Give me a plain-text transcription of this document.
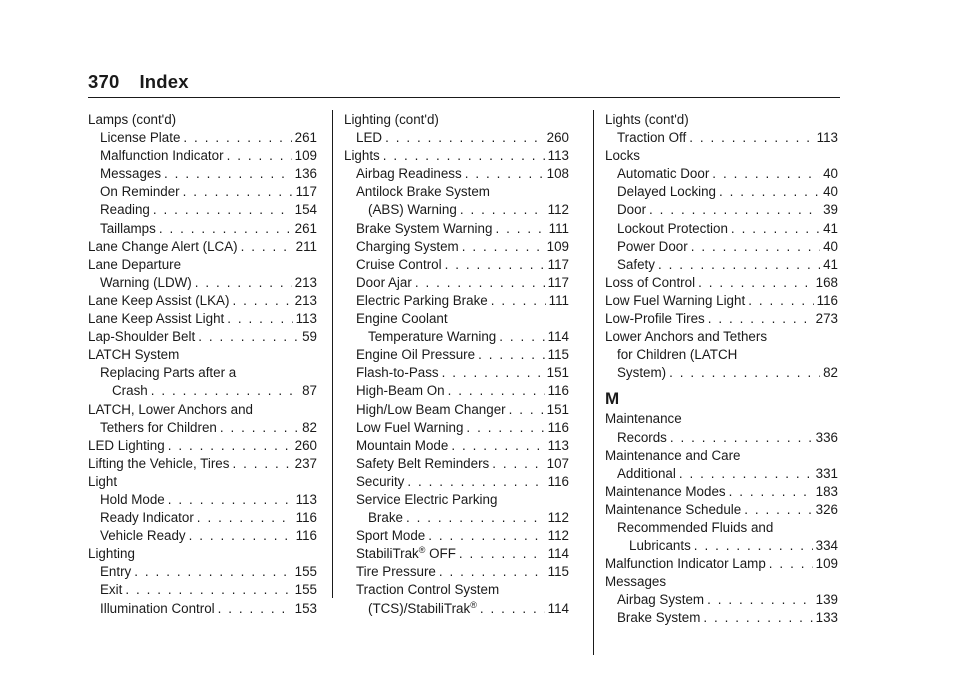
370 Index
Lamps (cont'd)
License Plate . . .	261
Malfunction Indicator . . .	109
Messages . . .	136
On Reminder . . .	117
Reading . . .	154
Taillamps . . .	261
Lane Change Alert (LCA) . . .	211
Lane Departure
Warning (LDW) . . .	213
Lane Keep Assist (LKA) . . .	213
Lane Keep Assist Light . . .	113
Lap-Shoulder Belt . . .	59
LATCH System
Replacing Parts after a
Crash . . .	87
LATCH, Lower Anchors and
Tethers for Children . . .	82
LED Lighting . . .	260
Lifting the Vehicle, Tires . . .	237
Light
Hold Mode . . .	113
Ready Indicator . . .	116
Vehicle Ready . . .	116
Lighting
Entry . . .	155
Exit . . .	155
Illumination Control . . .	153
Lighting (cont'd)
LED . . .	260
Lights . . .	113
Airbag Readiness . . .	108
Antilock Brake System
(ABS) Warning . . .	112
Brake System Warning . . .	111
Charging System . . .	109
Cruise Control . . .	117
Door Ajar . . .	117
Electric Parking Brake . . .	111
Engine Coolant
Temperature Warning . . .	114
Engine Oil Pressure . . .	115
Flash-to-Pass . . .	151
High-Beam On . . .	116
High/Low Beam Changer . . .	151
Low Fuel Warning . . .	116
Mountain Mode . . .	113
Safety Belt Reminders . . .	107
Security . . .	116
Service Electric Parking
Brake . . .	112
Sport Mode . . .	112
StabiliTrak® OFF . . .	114
Tire Pressure . . .	115
Traction Control System
(TCS)/StabiliTrak® . . .	114
Lights (cont'd)
Traction Off . . .	113
Locks
Automatic Door . . .	40
Delayed Locking . . .	40
Door . . .	39
Lockout Protection . . .	41
Power Door . . .	40
Safety . . .	41
Loss of Control . . .	168
Low Fuel Warning Light . . .	116
Low-Profile Tires . . .	273
Lower Anchors and Tethers
for Children (LATCH
System) . . .	82
M
Maintenance
Records . . .	336
Maintenance and Care
Additional . . .	331
Maintenance Modes . . .	183
Maintenance Schedule . . .	326
Recommended Fluids and
Lubricants . . .	334
Malfunction Indicator Lamp . . .	109
Messages
Airbag System . . .	139
Brake System . . .	133
